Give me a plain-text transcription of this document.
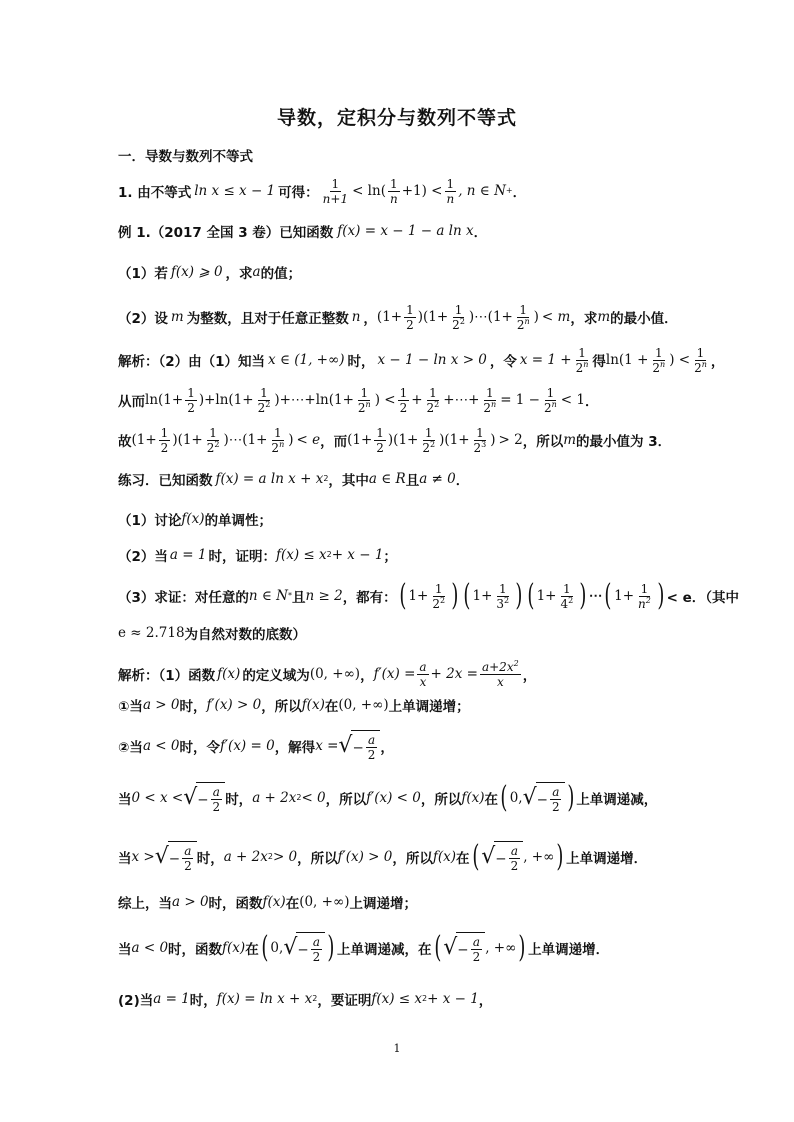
导数，定积分与数列不等式
一．导数与数列不等式
1. 由不等式 ln x ≤ x − 1 可得： $\frac{1}{n+1} < \ln( \frac{1}{n} +1) < \frac{1}{n}$ , n ∈ N + ．
例 1.（2017 全国 3 卷）已知函数 f(x) = x − 1 − a ln x ．
（1）若 f(x) ⩾ 0 ，求 a 的值；
（2）设 m 为整数，且对于任意正整数 n ， $(1+ \frac{1}{2} )(1+ \frac{1}{2^2}$ )⋯(1+ $\frac{1}{2^n}$ ) < m ，求 m 的最小值．
解析：（2）由（1）知当 x ∈ (1, +∞) 时， x − 1 − ln x > 0 ，令 $x = 1 + \frac{1}{2^n}$ 得 $\ln(1 + \frac{1}{2^n}$ ) < $\frac{1}{2^n}$ ，
从而 $\ln(1+ \frac{1}{2} )+\ln(1+ \frac{1}{2^2}$ )+⋯+ln(1+ $\frac{1}{2^n}$ ) < $\frac{1}{2} + \frac{1}{2^2}$ +⋯+ $\frac{1}{2^n} = 1 - \frac{1}{2^n} < 1$ ．
故 $(1+ \frac{1}{2} )(1+ \frac{1}{2^2}$ )⋯(1+ $\frac{1}{2^n}$ ) < e ，而 $(1+ \frac{1}{2} )(1+ \frac{1}{2^2} )(1+ \frac{1}{2^3}$ ) > 2 ，所以 m 的最小值为 3．
练习．已知函数 f(x) = a ln x + x 2 ，其中 a ∈ R 且 a ≠ 0 ．
（1）讨论 f(x) 的单调性；
（2）当 a = 1 时，证明： f(x) ≤ x 2 + x − 1 ；
（3）求证：对任意的 n ∈ N * 且 n ≥ 2 ，都有： ( $1+ \frac{1}{2^2}$ ) ( $1+ \frac{1}{3^2}$ ) ( $1+ \frac{1}{4^2}$ ) ⋯ ( $1+ \frac{1}{n^2}$ ) < e．（其中
e ≈ 2.718 为自然对数的底数）
解析：（1）函数 f(x) 的定义域为 (0, +∞) ， $f'(x) = \frac{a}{x} + 2x = \frac{a+2x^2}{x}$ ，
①当 a > 0 时， f′(x) > 0 ，所以 f(x) 在 (0, +∞) 上单调递增；
②当 a < 0 时，令 f′(x) = 0 ，解得 x = √ − $\frac{a}{2}$ ，
当 0 < x < √ − $\frac{a}{2}$ 时， a + 2x 2 < 0 ，所以 f′(x) < 0 ，所以 f(x) 在 ( 0, √ − $\frac{a}{2}$ ) 上单调递减，
当 x > √ − $\frac{a}{2}$ 时， a + 2x 2 > 0 ，所以 f′(x) > 0 ，所以 f(x) 在 ( √ − $\frac{a}{2}$ , +∞ ) 上单调递增．
综上，当 a > 0 时，函数 f(x) 在 (0, +∞) 上调递增；
当 a < 0 时，函数 f(x) 在 ( 0, √ − $\frac{a}{2}$ ) 上单调递减，在 ( √ − $\frac{a}{2}$ , +∞ ) 上单调递增．
(2)当 a = 1 时， f(x) = ln x + x 2 ，要证明 f(x) ≤ x 2 + x − 1 ，
1
